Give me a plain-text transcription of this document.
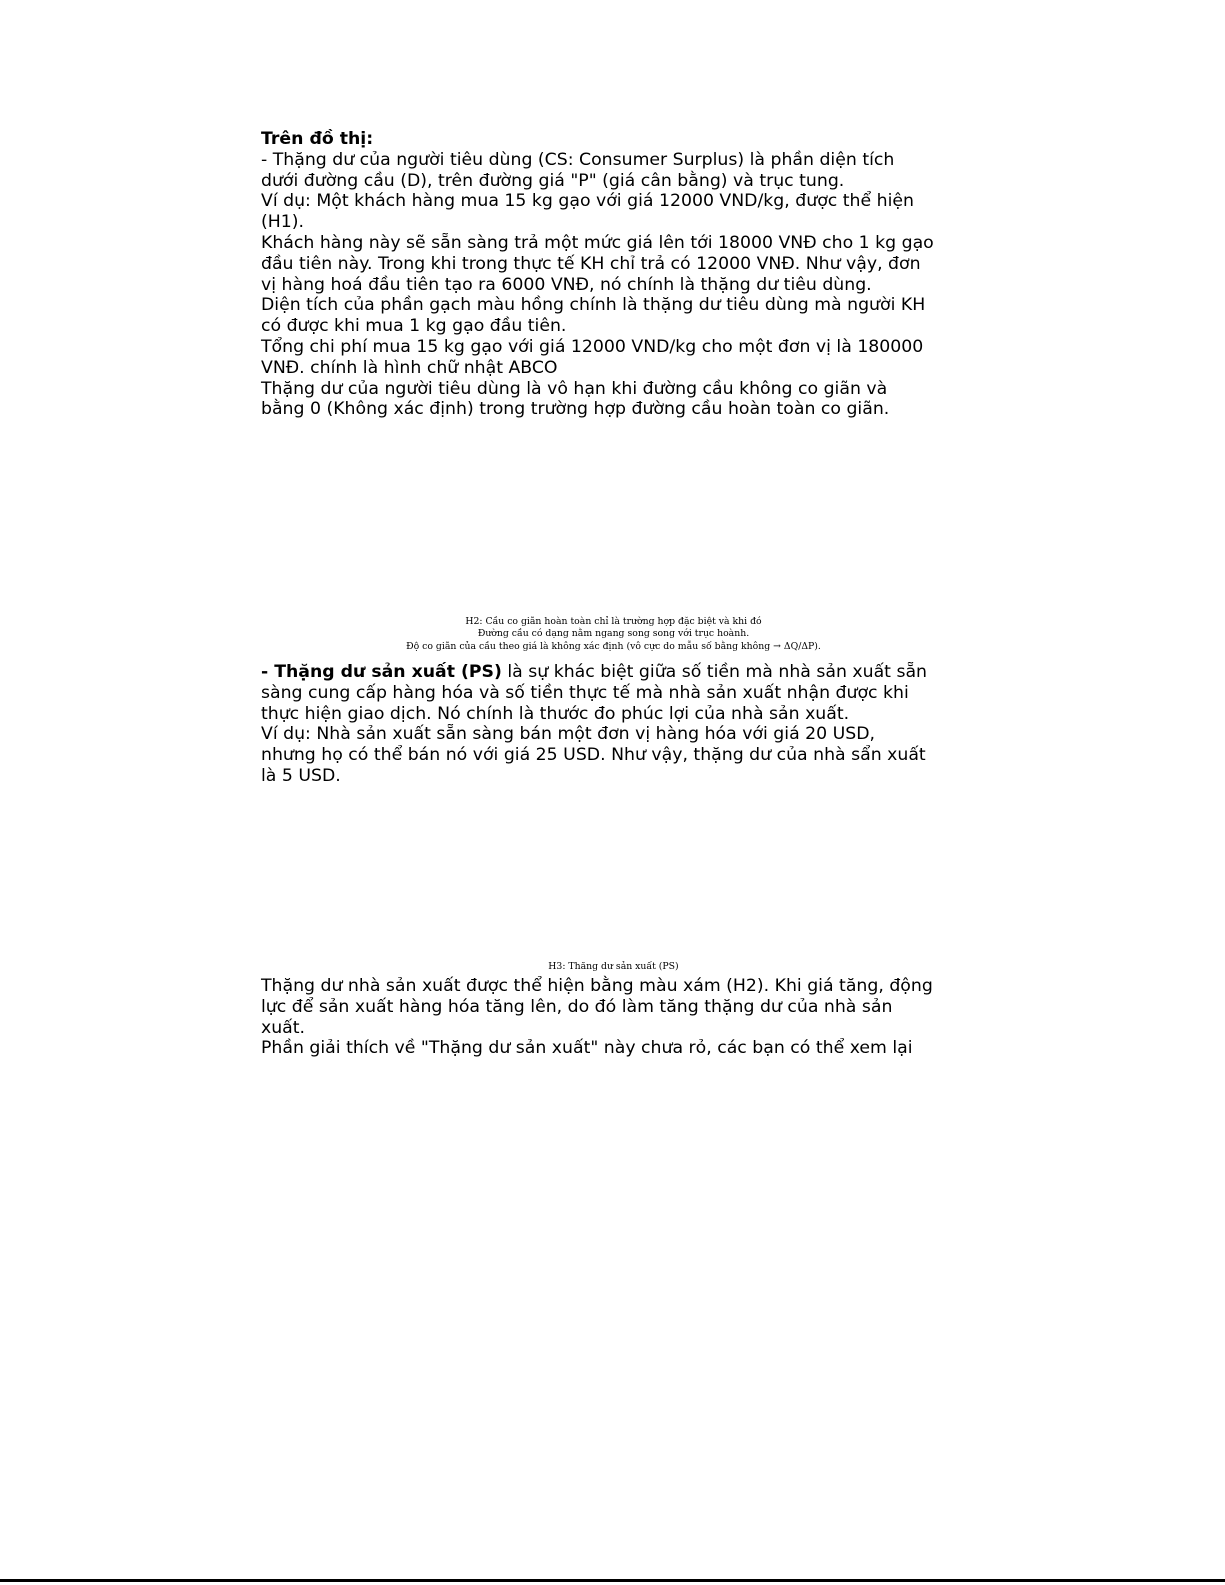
Trên đồ thị:

- Thặng dư của người tiêu dùng (CS: Consumer Surplus) là phần diện tích

dưới đường cầu (D), trên đường giá "P" (giá cân bằng) và trục tung.

Ví dụ: Một khách hàng mua 15 kg gạo với giá 12000 VND/kg, được thể hiện

(H1).

Khách hàng này sẽ sẵn sàng trả một mức giá lên tới 18000 VNĐ cho 1 kg gạo

đầu tiên này. Trong khi trong thực tế KH chỉ trả có 12000 VNĐ. Như vậy, đơn

vị hàng hoá đầu tiên tạo ra 6000 VNĐ, nó chính là thặng dư tiêu dùng.

Diện tích của phần gạch màu hồng chính là thặng dư tiêu dùng mà người KH

có được khi mua 1 kg gạo đầu tiên.

Tổng chi phí mua 15 kg gạo với giá 12000 VND/kg cho một đơn vị là 180000

VNĐ. chính là hình chữ nhật ABCO

Thặng dư của người tiêu dùng là vô hạn khi đường cầu không co giãn và

bằng 0 (Không xác định) trong trường hợp đường cầu hoàn toàn co giãn.

H2: Cầu co giãn hoàn toàn chỉ là trường hợp đặc biệt và khi đó

Đường cầu có dạng nằm ngang song song với trục hoành.

Độ co giãn của cầu theo giá là không xác định (vô cực do mẫu số bằng không → ΔQ/ΔP).

- Thặng dư sản xuất (PS) là sự khác biệt giữa số tiền mà nhà sản xuất sẵn

sàng cung cấp hàng hóa và số tiền thực tế mà nhà sản xuất nhận được khi

thực hiện giao dịch. Nó chính là thước đo phúc lợi của nhà sản xuất.

Ví dụ: Nhà sản xuất sẵn sàng bán một đơn vị hàng hóa với giá 20 USD,

nhưng họ có thể bán nó với giá 25 USD. Như vậy, thặng dư của nhà sẩn xuất

là 5 USD.

H3: Thăng dư sản xuất (PS)

Thặng dư nhà sản xuất được thể hiện bằng màu xám (H2). Khi giá tăng, động

lực để sản xuất hàng hóa tăng lên, do đó làm tăng thặng dư của nhà sản

xuất.

Phần giải thích về "Thặng dư sản xuất" này chưa rỏ, các bạn có thể xem lại
